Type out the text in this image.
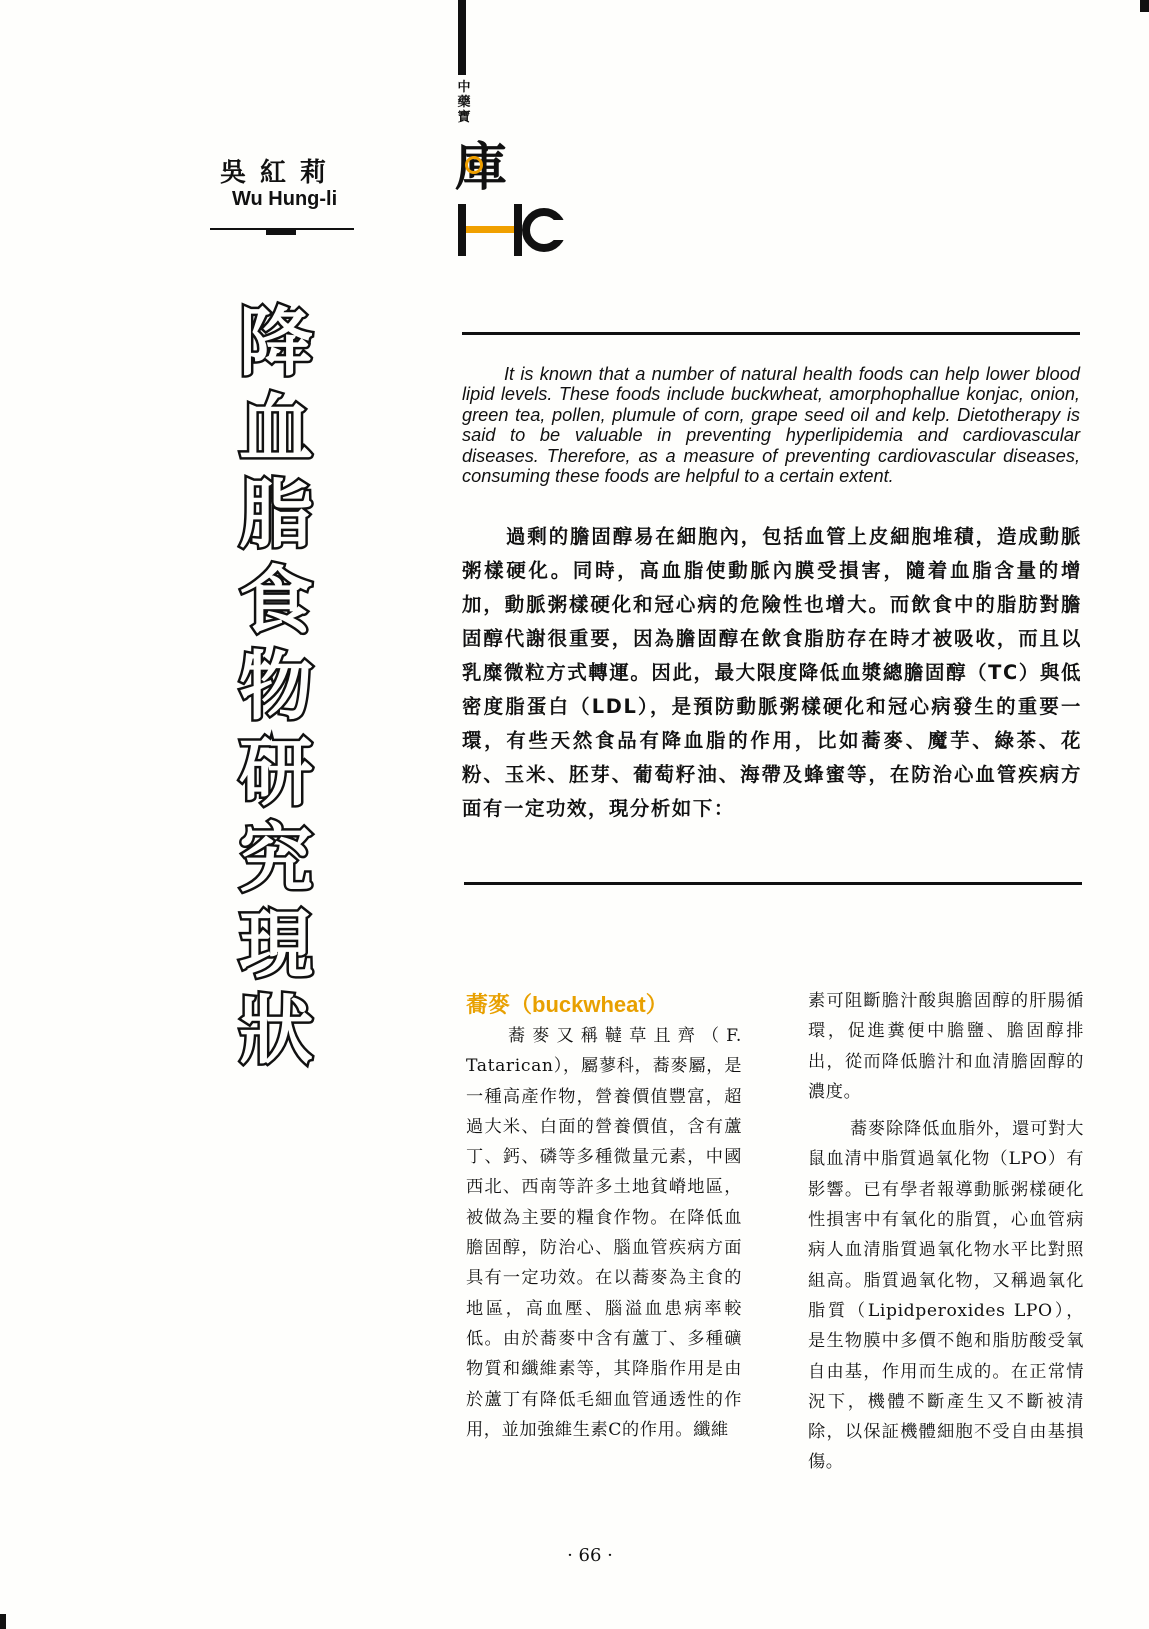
中
藥
寶
庫
吳紅莉
Wu Hung-li
降
血
脂
食
物
研
究
現
狀
It is known that a number of natural health foods can help lower blood lipid levels. These foods include buckwheat, amorphophallue konjac, onion, green tea, pollen, plumule of corn, grape seed oil and kelp. Dietotherapy is said to be valuable in preventing hyperlipidemia and cardiovascular diseases. Therefore, as a measure of preventing cardiovascular diseases, consuming these foods are helpful to a certain extent.
過剩的膽固醇易在細胞內，包括血管上皮細胞堆積，造成動脈粥樣硬化。同時，高血脂使動脈內膜受損害，隨着血脂含量的增加，動脈粥樣硬化和冠心病的危險性也增大。而飲食中的脂肪對膽固醇代謝很重要，因為膽固醇在飲食脂肪存在時才被吸收，而且以乳糜微粒方式轉運。因此，最大限度降低血漿總膽固醇（TC）與低密度脂蛋白（LDL），是預防動脈粥樣硬化和冠心病發生的重要一環，有些天然食品有降血脂的作用，比如蕎麥、魔芋、綠茶、花粉、玉米、胚芽、葡萄籽油、海帶及蜂蜜等，在防治心血管疾病方面有一定功效，現分析如下：
蕎麥（buckwheat）

蕎麥又稱韃草且齊（F. Tatarican），屬蓼科，蕎麥屬，是一種高產作物，營養價值豐富，超過大米、白面的營養價值，含有蘆丁、鈣、磷等多種微量元素，中國西北、西南等許多土地貧嵴地區，被做為主要的糧食作物。在降低血膽固醇，防治心、腦血管疾病方面具有一定功效。在以蕎麥為主食的地區，高血壓、腦溢血患病率較低。由於蕎麥中含有蘆丁、多種礦物質和纖維素等，其降脂作用是由於蘆丁有降低毛細血管通透性的作用，並加強維生素C的作用。纖維

素可阻斷膽汁酸與膽固醇的肝腸循環，促進糞便中膽鹽、膽固醇排出，從而降低膽汁和血清膽固醇的濃度。

蕎麥除降低血脂外，還可對大鼠血清中脂質過氧化物（LPO）有影響。已有學者報導動脈粥樣硬化性損害中有氧化的脂質，心血管病病人血清脂質過氧化物水平比對照組高。脂質過氧化物，又稱過氧化脂質（Lipidperoxides LPO），是生物膜中多價不飽和脂肪酸受氧自由基，作用而生成的。在正常情況下，機體不斷產生又不斷被清除，以保証機體細胞不受自由基損傷。

· 66 ·
